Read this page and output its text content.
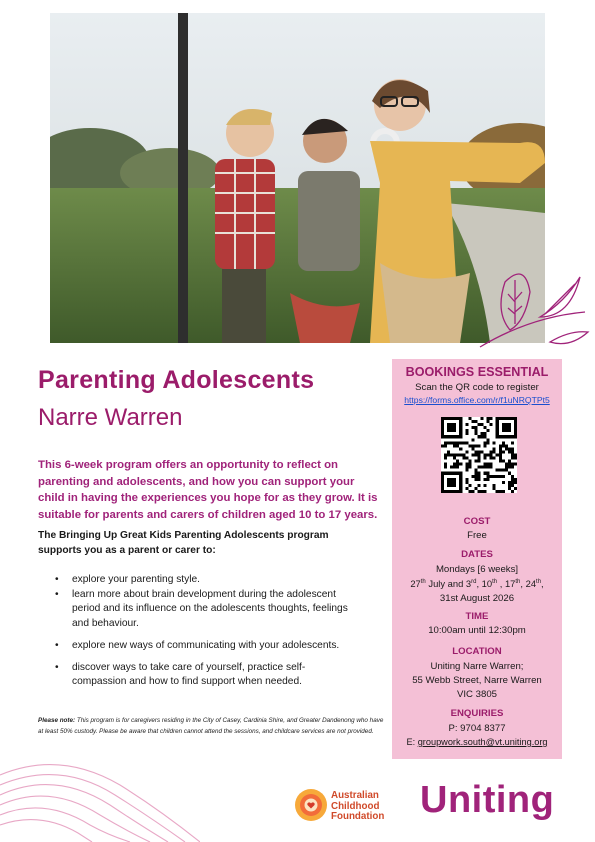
Parenting Adolescents
Narre Warren
This 6-week program offers an opportunity to reflect on parenting and adolescents, and how you can support your child in having the experiences you hope for as they grow. It is suitable for parents and carers of children aged 10 to 17 years.
The Bringing Up Great Kids Parenting Adolescents program supports you as a parent or carer to:
• explore your parenting style.
• learn more about brain development during the adolescent period and its influence on the adolescents thoughts, feelings and behaviour.
• explore new ways of communicating with your adolescents.
• discover ways to take care of yourself, practice self-compassion and how to find support when needed.
Please note: This program is for caregivers residing in the City of Casey, Cardinia Shire, and Greater Dandenong who have at least 50% custody. Please be aware that children cannot attend the sessions, and childcare services are not provided.
BOOKINGS ESSENTIAL
Scan the QR code to register
https://forms.office.com/r/f1uNRQTPt5
COST
Free
DATES
Mondays [6 weeks]
27th July and 3rd, 10th , 17th, 24th,
31st August 2026
TIME
10:00am until 12:30pm
LOCATION
Uniting Narre Warren;
55 Webb Street, Narre Warren
VIC 3805
ENQUIRIES
P: 9704 8377
E: groupwork.south@vt.uniting.org
Australian
Childhood
Foundation Uniting
